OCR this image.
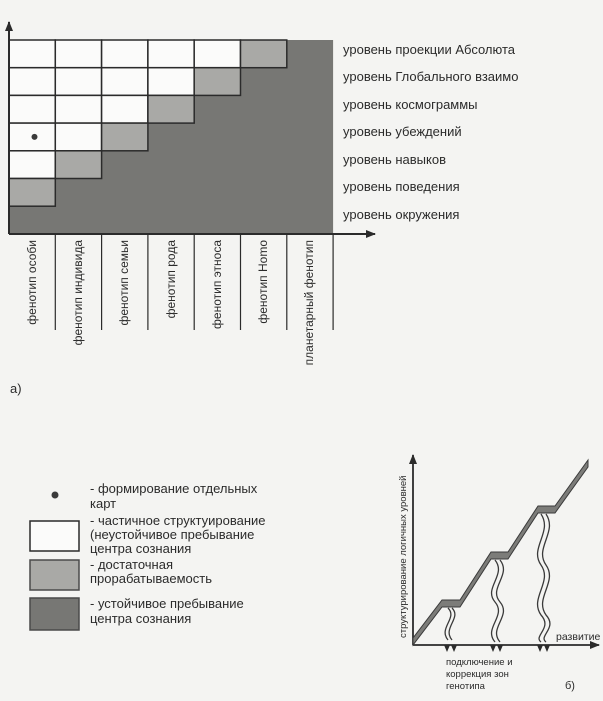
уровень проекции Абсолюта
уровень Глобального взаимо
уровень космограммы
уровень убеждений
уровень навыков
уровень поведения
уровень окружения
фенотип особи	фенотип индивида	фенотип семьи	фенотип рода	фенотип этноса	фенотип Homo	планетарный фенотип
а)
- формирование отдельных
карт
- частичное структуирование
(неустойчивое пребывание
центра сознания
- достаточная
прорабатываемость
- устойчивое пребывание
центра сознания	структурирование логичных уровней	развитие
подключение и
коррекция зон
генотипа	б)
